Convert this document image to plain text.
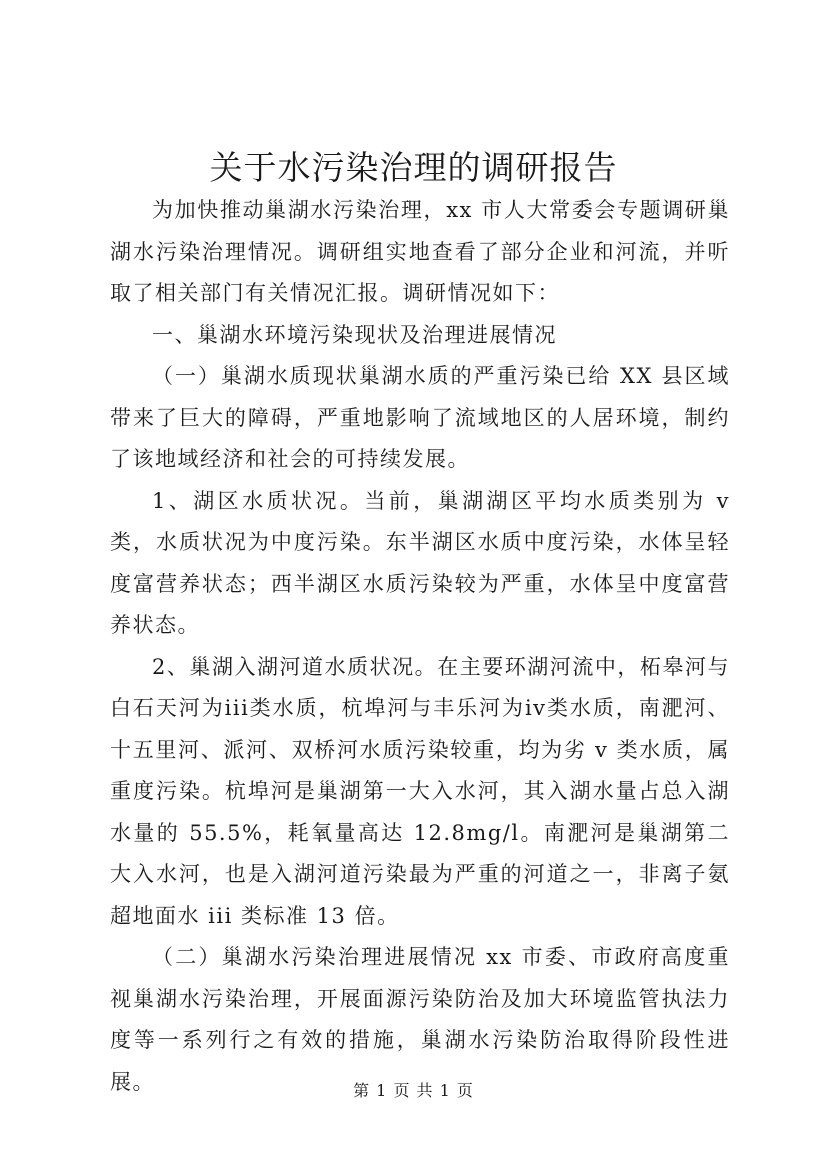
关于水污染治理的调研报告

为加快推动巢湖水污染治理，xx 市人大常委会专题调研巢湖水污染治理情况。调研组实地查看了部分企业和河流，并听取了相关部门有关情况汇报。调研情况如下：

一、巢湖水环境污染现状及治理进展情况

（一）巢湖水质现状巢湖水质的严重污染已给 XX 县区域带来了巨大的障碍，严重地影响了流域地区的人居环境，制约了该地域经济和社会的可持续发展。

1、湖区水质状况。当前，巢湖湖区平均水质类别为 v 类，水质状况为中度污染。东半湖区水质中度污染，水体呈轻度富营养状态；西半湖区水质污染较为严重，水体呈中度富营养状态。

2、巢湖入湖河道水质状况。在主要环湖河流中，柘皋河与白石天河为iii类水质，杭埠河与丰乐河为iv类水质，南淝河、十五里河、派河、双桥河水质污染较重，均为劣 v 类水质，属重度污染。杭埠河是巢湖第一大入水河，其入湖水量占总入湖水量的 55.5%，耗氧量高达 12.8mg/l。南淝河是巢湖第二大入水河，也是入湖河道污染最为严重的河道之一，非离子氨超地面水 iii 类标准 13 倍。

（二）巢湖水污染治理进展情况 xx 市委、市政府高度重视巢湖水污染治理，开展面源污染防治及加大环境监管执法力度等一系列行之有效的措施，巢湖水污染防治取得阶段性进展。	第 1 页 共 1 页
